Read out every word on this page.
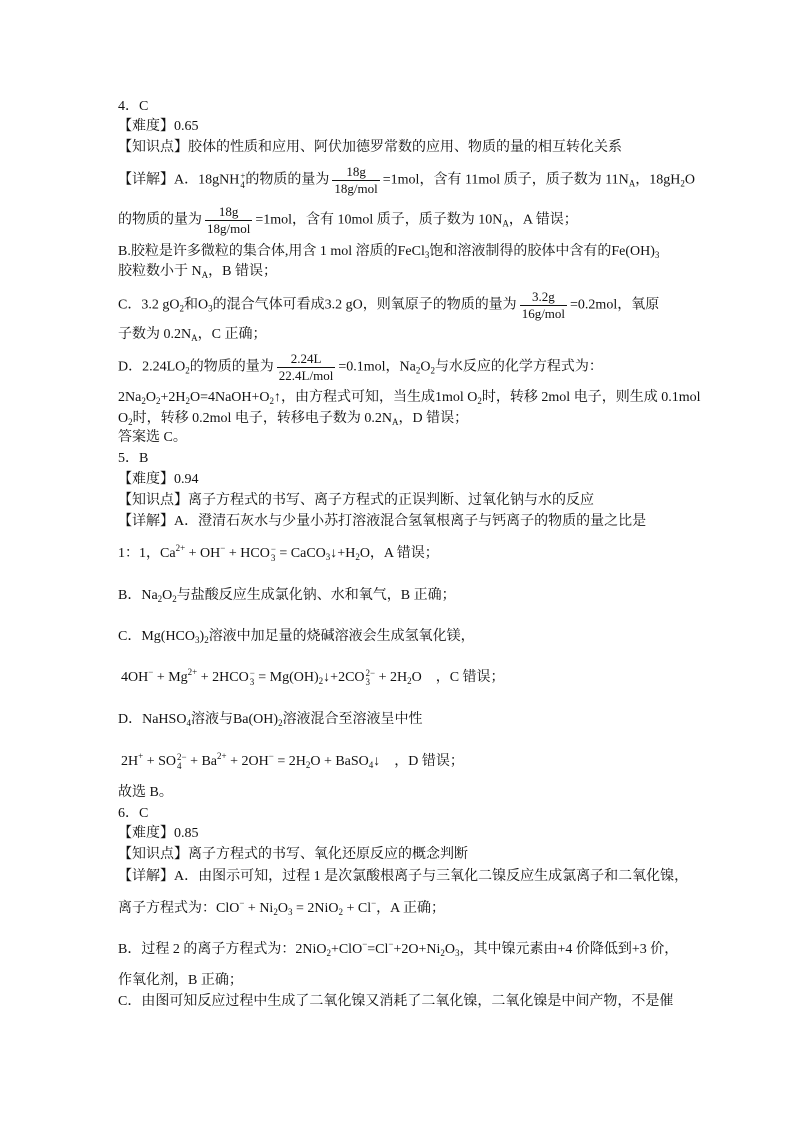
4．C
【难度】0.65
【知识点】胶体的性质和应用、阿伏加德罗常数的应用、物质的量的相互转化关系
【详解】A．18gNH +
4 的物质的量为 $\frac{18g}{\text{18g/mol}} =1mol$，含有 11mol 质子，质子数为 $11N_A$，$18gH_2O$
的物质的量为 $\frac{18g}{\text{18g/mol}} =1mol$，含有 10mol 质子，质子数为 $10N_A$，A 错误；
B.胶粒是许多微粒的集合体,用含 1 mol 溶质的FeCl$_3$饱和溶液制得的胶体中含有的$Fe(OH)_3$
胶粒数小于 $N_A$，B 错误；
C．3.2 $gO_2$和$O_3$的混合气体可看成3.2 gO，则氧原子的物质的量为 $\frac{3.2g}{\text{16g/mol}} =0.2mol$，氧原
子数为 $0.2N_A$，C 正确；
D．$2.24LO_2$的物质的量为 $\frac{2.24L}{\text{22.4L/mol}} =0.1mol$，$Na_2O_2$与水反应的化学方程式为：
$2Na_2O_2+2H_2O=4NaOH+O_2↑$，由方程式可知，当生成1mol $O_2$时，转移 2mol 电子，则生成 0.1mol
$O_2$时，转移 0.2mol 电子，转移电子数为 $0.2N_A$，D 错误；
答案选 C。
5．B
【难度】0.94
【知识点】离子方程式的书写、离子方程式的正误判断、过氧化钠与水的反应
【详解】A．澄清石灰水与少量小苏打溶液混合氢氧根离子与钙离子的物质的量之比是
1：1，$Ca^{2+} + OH^-$ + HCO −
$3 = CaCO_3↓+H_2O$，A 错误；
B．$Na_2O_2$与盐酸反应生成氯化钠、水和氧气，B 正确；
C．$Mg(HCO_3)_2$溶液中加足量的烧碱溶液会生成氢氧化镁，
$4OH^- + Mg^{2+} + 2HCO$ −
$3 = Mg(OH)_2↓+2CO$ 2−
$3 + 2H_2O$    ，C 错误；
D．NaHSO$_4$溶液与$Ba(OH)_2$溶液混合至溶液呈中性
2H+ + SO 2−
$4 + Ba^{2+} + 2OH^- = 2H_2O$ + BaSO$_4$↓    ，D 错误；
故选 B。
6．C
【难度】0.85
【知识点】离子方程式的书写、氧化还原反应的概念判断
【详解】A．由图示可知，过程 1 是次氯酸根离子与三氧化二镍反应生成氯离子和二氧化镍，
离子方程式为：$ClO^- + Ni_2O_3 = 2NiO_2 + Cl^-$，A 正确；
B．过程 2 的离子方程式为：$2NiO_2+ClO^-=Cl^-+2O+Ni_2O_3$，其中镍元素由+4 价降低到+3 价，
作氧化剂，B 正确；
C．由图可知反应过程中生成了二氧化镍又消耗了二氧化镍，二氧化镍是中间产物，不是催
